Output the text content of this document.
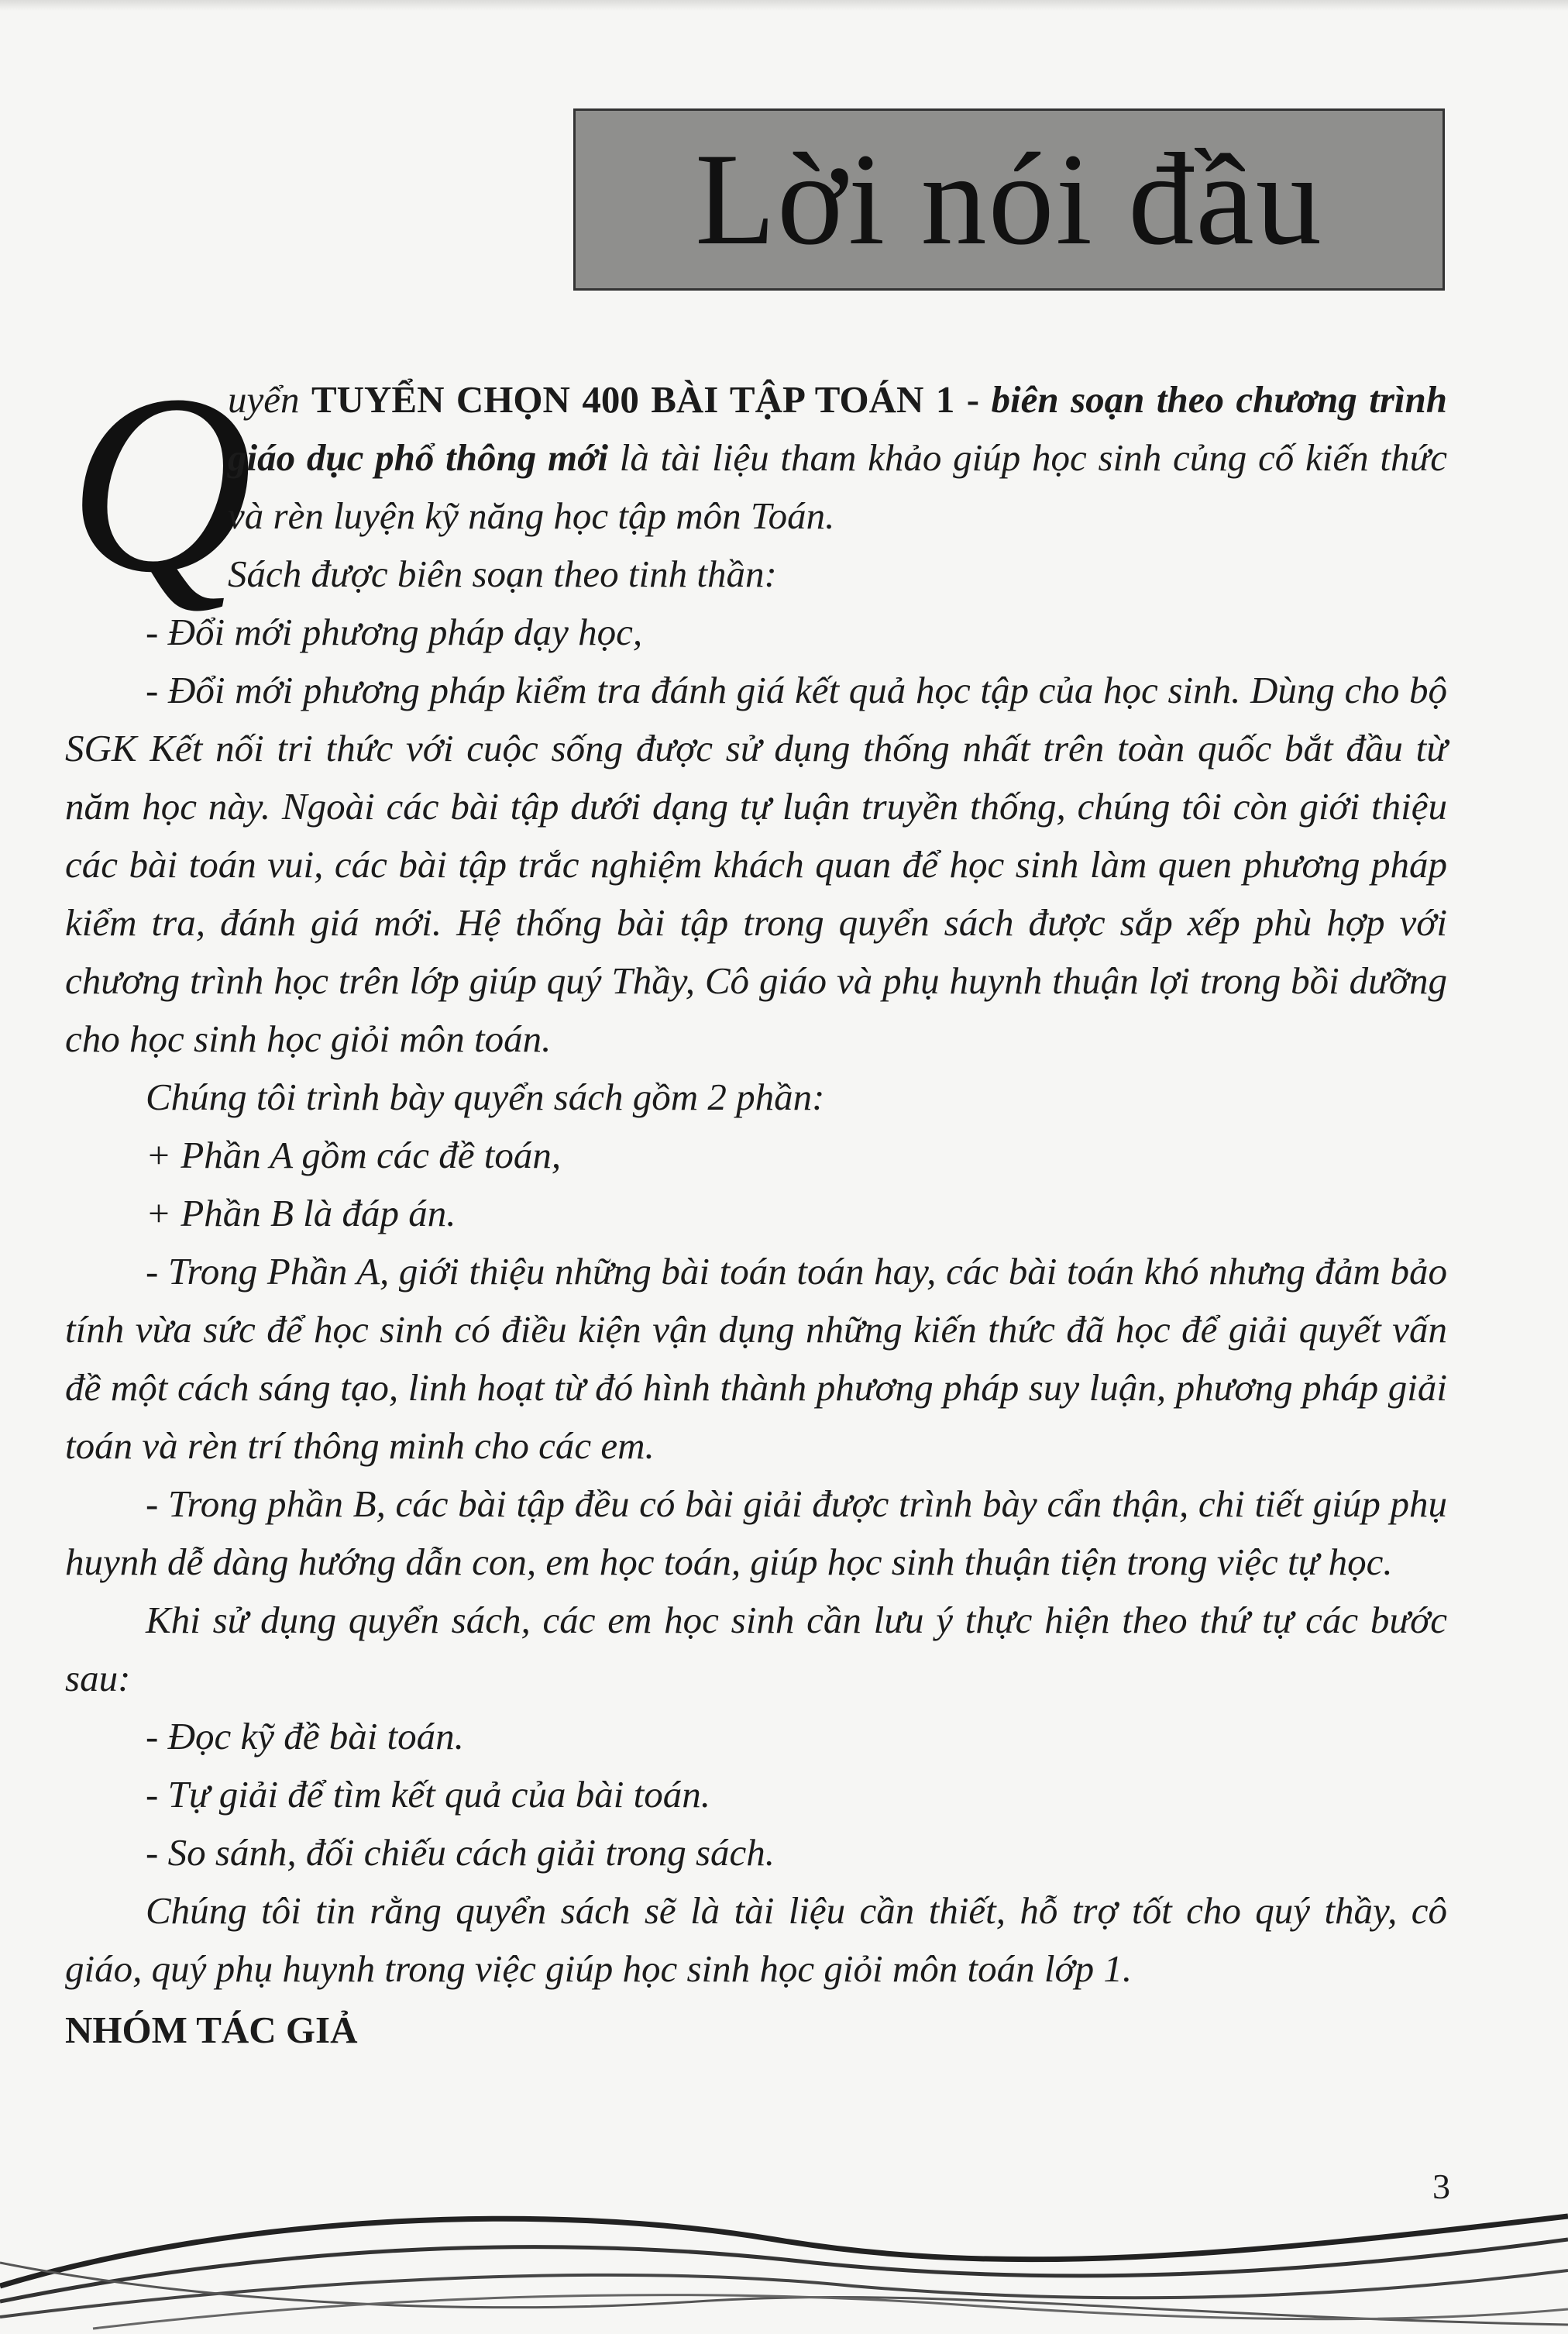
Lời nói đầu
Q

uyển TUYỂN CHỌN 400 BÀI TẬP TOÁN 1 - biên soạn theo chương trình giáo dục phổ thông mới là tài liệu tham khảo giúp học sinh củng cố kiến thức và rèn luyện kỹ năng học tập môn Toán.

Sách được biên soạn theo tinh thần:

- Đổi mới phương pháp dạy học,

- Đổi mới phương pháp kiểm tra đánh giá kết quả học tập của học sinh. Dùng cho bộ SGK Kết nối tri thức với cuộc sống được sử dụng thống nhất trên toàn quốc bắt đầu từ năm học này. Ngoài các bài tập dưới dạng tự luận truyền thống, chúng tôi còn giới thiệu các bài toán vui, các bài tập trắc nghiệm khách quan để học sinh làm quen phương pháp kiểm tra, đánh giá mới. Hệ thống bài tập trong quyển sách được sắp xếp phù hợp với chương trình học trên lớp giúp quý Thầy, Cô giáo và phụ huynh thuận lợi trong bồi dưỡng cho học sinh học giỏi môn toán.

Chúng tôi trình bày quyển sách gồm 2 phần:

+ Phần A gồm các đề toán,

+ Phần B là đáp án.

- Trong Phần A, giới thiệu những bài toán toán hay, các bài toán khó nhưng đảm bảo tính vừa sức để học sinh có điều kiện vận dụng những kiến thức đã học để giải quyết vấn đề một cách sáng tạo, linh hoạt từ đó hình thành phương pháp suy luận, phương pháp giải toán và rèn trí thông minh cho các em.

- Trong phần B, các bài tập đều có bài giải được trình bày cẩn thận, chi tiết giúp phụ huynh dễ dàng hướng dẫn con, em học toán, giúp học sinh thuận tiện trong việc tự học.

Khi sử dụng quyển sách, các em học sinh cần lưu ý thực hiện theo thứ tự các bước sau:

- Đọc kỹ đề bài toán.

- Tự giải để tìm kết quả của bài toán.

- So sánh, đối chiếu cách giải trong sách.

Chúng tôi tin rằng quyển sách sẽ là tài liệu cần thiết, hỗ trợ tốt cho quý thầy, cô giáo, quý phụ huynh trong việc giúp học sinh học giỏi môn toán lớp 1.

NHÓM TÁC GIẢ

3
